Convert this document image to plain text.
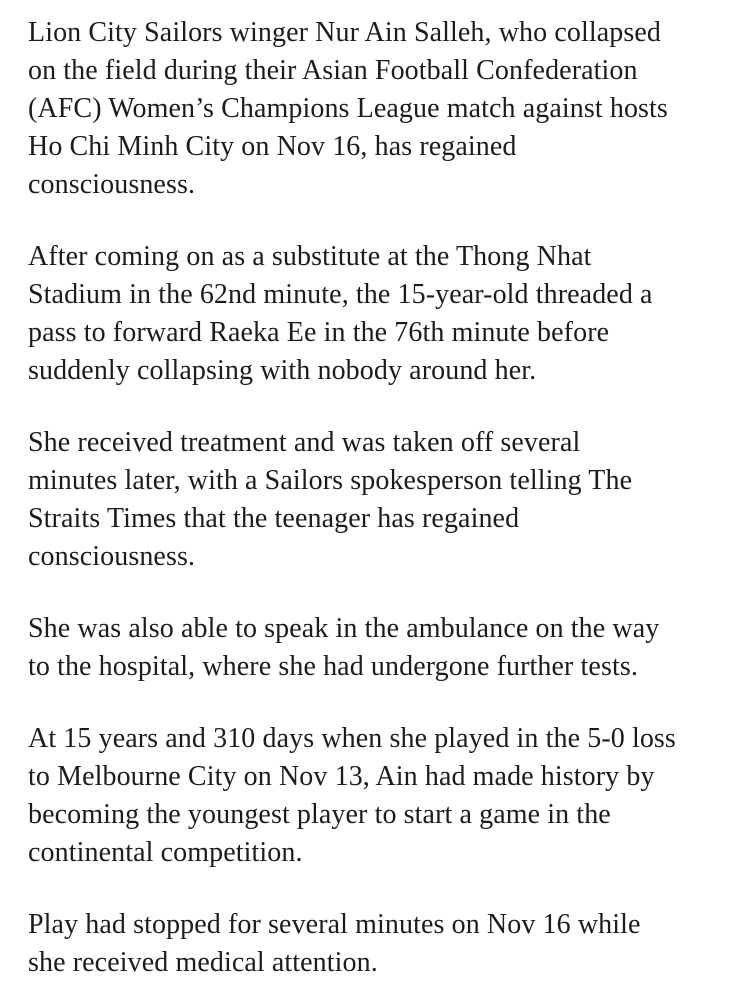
Lion City Sailors winger Nur Ain Salleh, who collapsed
on the field during their Asian Football Confederation
(AFC) Women’s Champions League match against hosts
Ho Chi Minh City on Nov 16, has regained
consciousness.

After coming on as a substitute at the Thong Nhat
Stadium in the 62nd minute, the 15-year-old threaded a
pass to forward Raeka Ee in the 76th minute before
suddenly collapsing with nobody around her.

She received treatment and was taken off several
minutes later, with a Sailors spokesperson telling The
Straits Times that the teenager has regained
consciousness.

She was also able to speak in the ambulance on the way
to the hospital, where she had undergone further tests.

At 15 years and 310 days when she played in the 5-0 loss
to Melbourne City on Nov 13, Ain had made history by
becoming the youngest player to start a game in the
continental competition.

Play had stopped for several minutes on Nov 16 while
she received medical attention.
